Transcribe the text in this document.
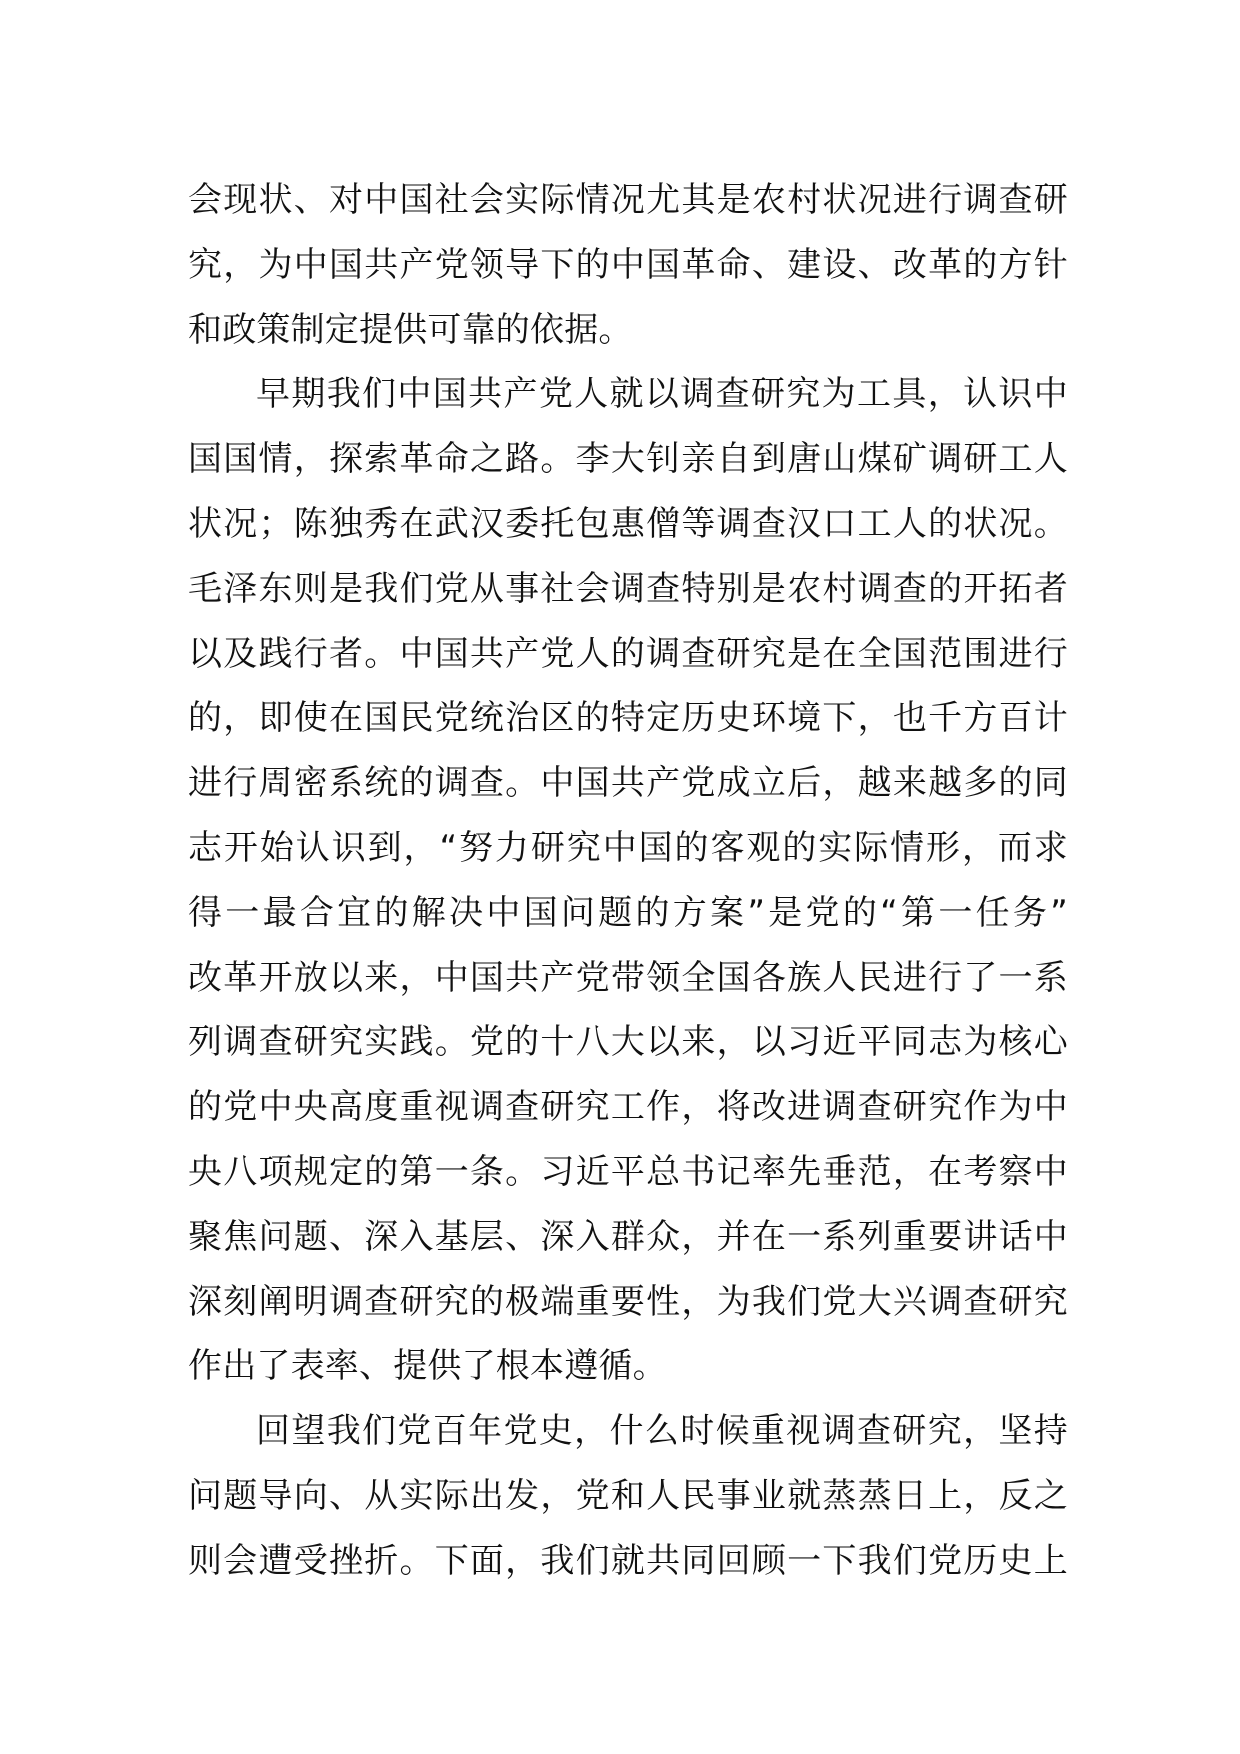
会现状、对中国社会实际情况尤其是农村状况进行调查研
究，为中国共产党领导下的中国革命、建设、改革的方针
和政策制定提供可靠的依据。
早期我们中国共产党人就以调查研究为工具，认识中
国国情，探索革命之路。李大钊亲自到唐山煤矿调研工人
状况；陈独秀在武汉委托包惠僧等调查汉口工人的状况。
毛泽东则是我们党从事社会调查特别是农村调查的开拓者
以及践行者。中国共产党人的调查研究是在全国范围进行
的，即使在国民党统治区的特定历史环境下，也千方百计
进行周密系统的调查。中国共产党成立后，越来越多的同
志开始认识到，“努力研究中国的客观的实际情形，而求
得一最合宜的解决中国问题的方案”是党的“第一任务”
改革开放以来，中国共产党带领全国各族人民进行了一系
列调查研究实践。党的十八大以来，以习近平同志为核心
的党中央高度重视调查研究工作，将改进调查研究作为中
央八项规定的第一条。习近平总书记率先垂范，在考察中
聚焦问题、深入基层、深入群众，并在一系列重要讲话中
深刻阐明调查研究的极端重要性，为我们党大兴调查研究
作出了表率、提供了根本遵循。
回望我们党百年党史，什么时候重视调查研究，坚持
问题导向、从实际出发，党和人民事业就蒸蒸日上，反之
则会遭受挫折。下面，我们就共同回顾一下我们党历史上
